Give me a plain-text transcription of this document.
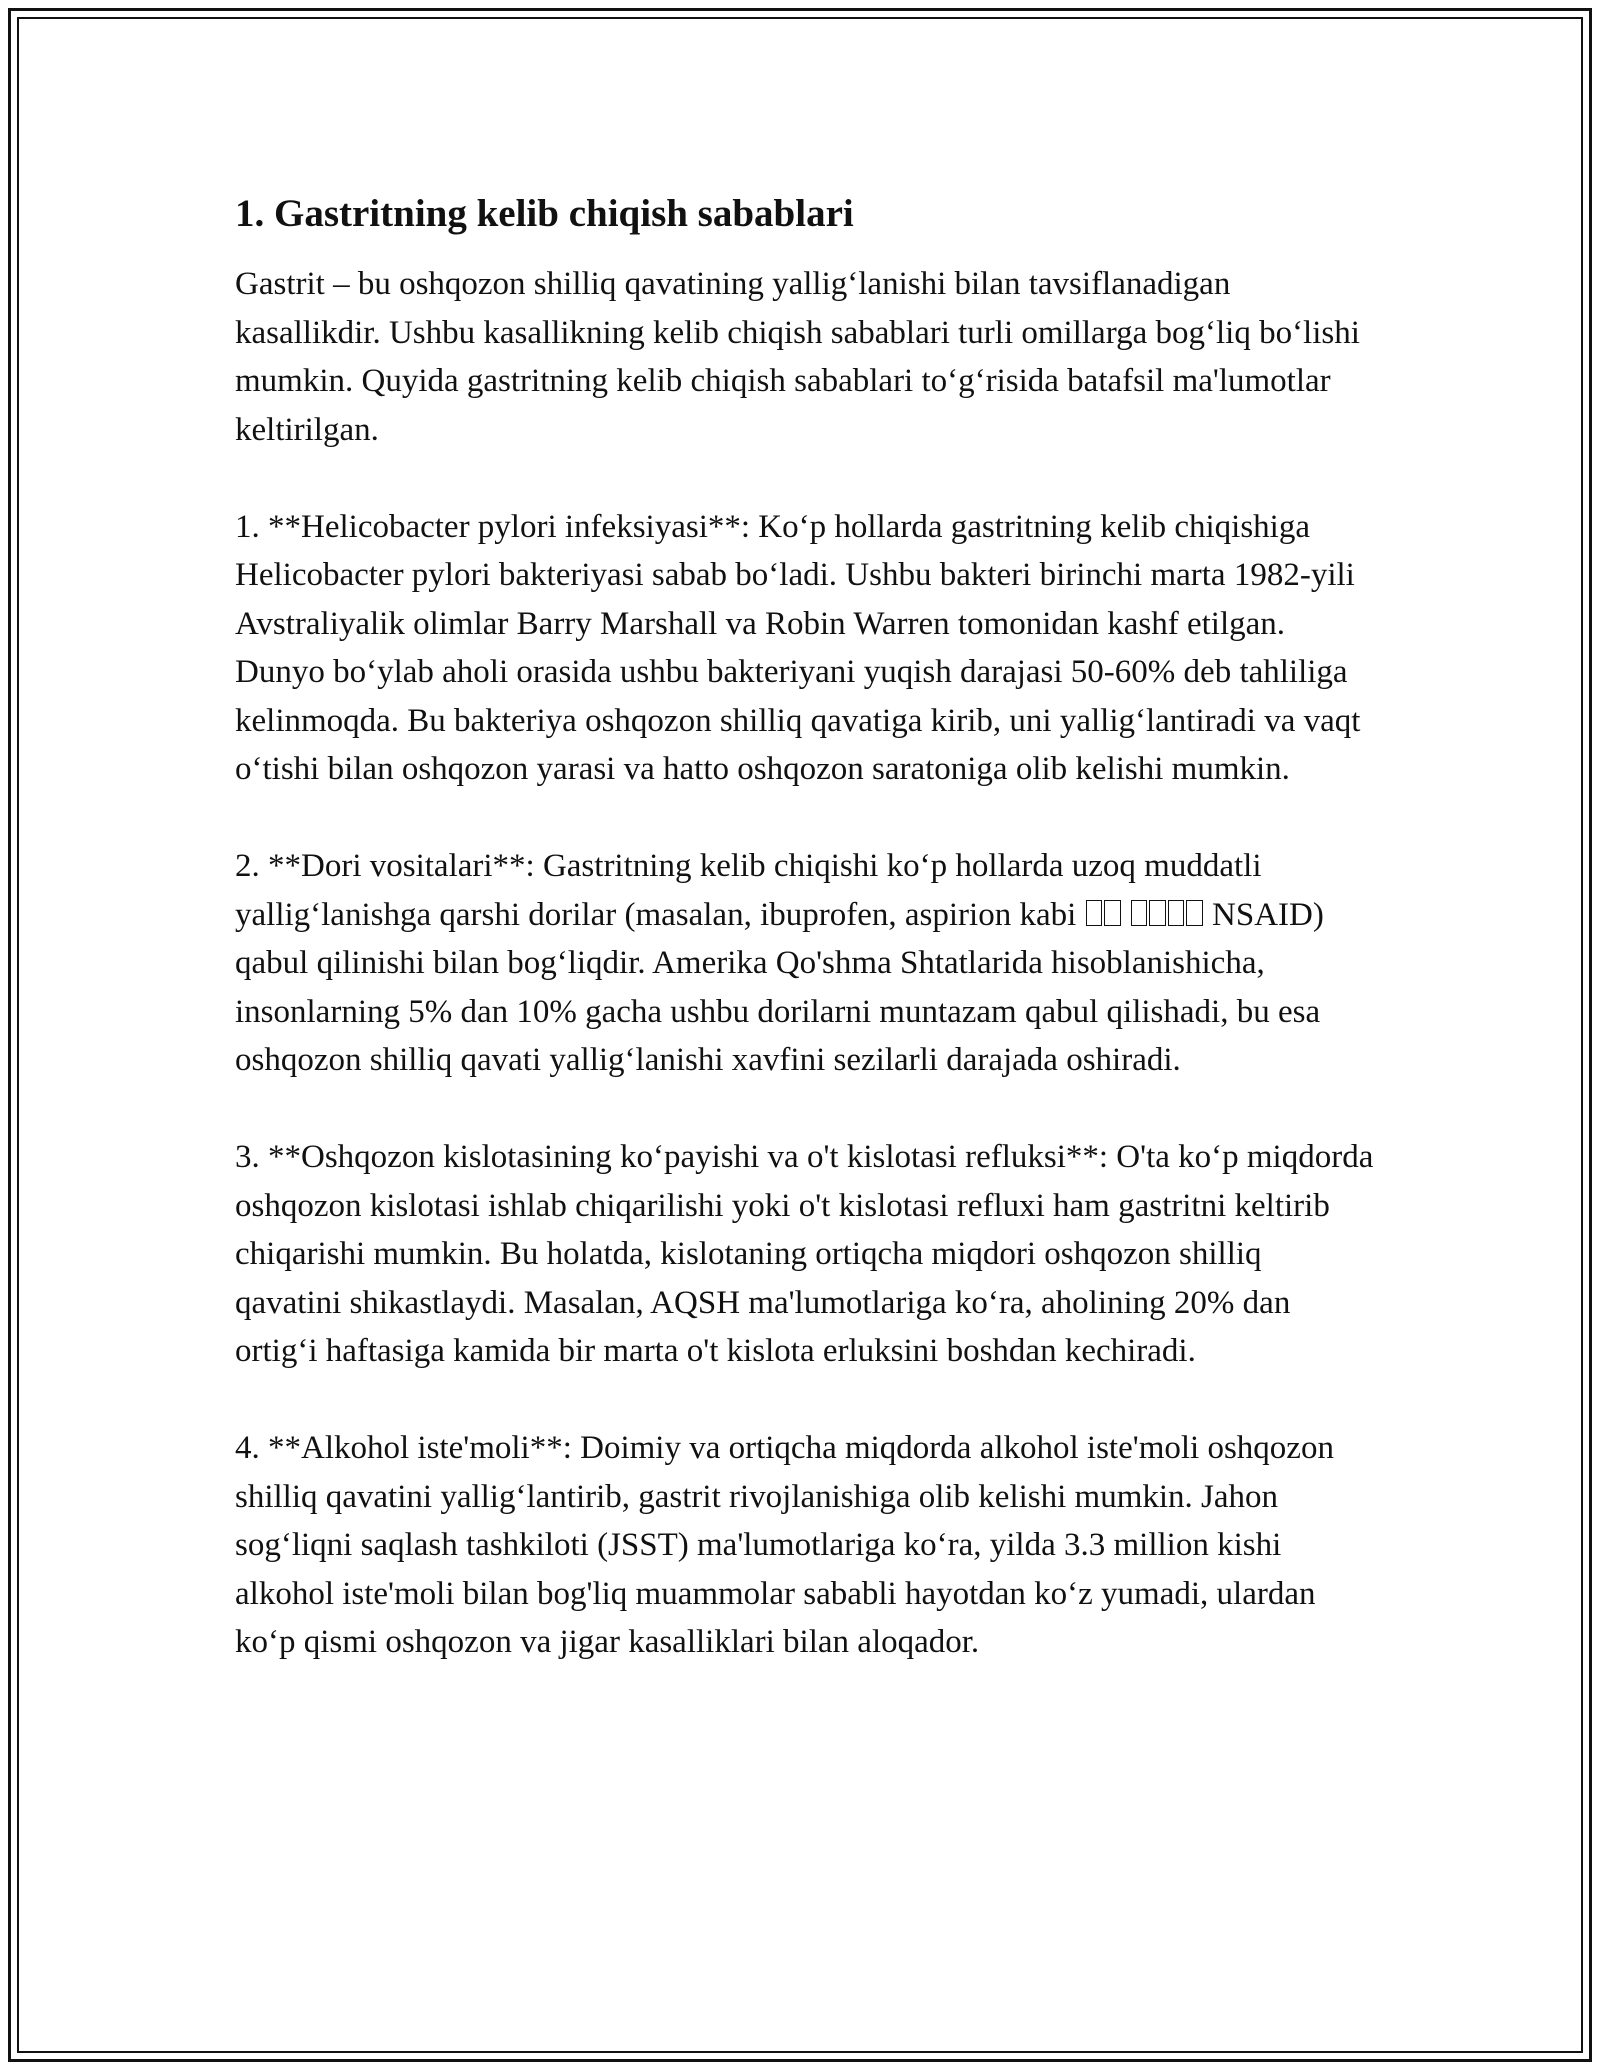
1. Gastritning kelib chiqish sabablari

Gastrit – bu oshqozon shilliq qavatining yallig‘lanishi bilan tavsiflanadigan kasallikdir. Ushbu kasallikning kelib chiqish sabablari turli omillarga bog‘liq bo‘lishi mumkin. Quyida gastritning kelib chiqish sabablari to‘g‘risida batafsil ma'lumotlar keltirilgan.

1. **Helicobacter pylori infeksiyasi**: Ko‘p hollarda gastritning kelib chiqishiga Helicobacter pylori bakteriyasi sabab bo‘ladi. Ushbu bakteri birinchi marta 1982-yili Avstraliyalik olimlar Barry Marshall va Robin Warren tomonidan kashf etilgan. Dunyo bo‘ylab aholi orasida ushbu bakteriyani yuqish darajasi 50-60% deb tahliliga kelinmoqda. Bu bakteriya oshqozon shilliq qavatiga kirib, uni yallig‘lantiradi va vaqt o‘tishi bilan oshqozon yarasi va hatto oshqozon saratoniga olib kelishi mumkin.

2. **Dori vositalari**: Gastritning kelib chiqishi ko‘p hollarda uzoq muddatli yallig‘lanishga qarshi dorilar (masalan, ibuprofen, aspirion kabi	NSAID) qabul qilinishi bilan bog‘liqdir. Amerika Qo'shma Shtatlarida hisoblanishicha, insonlarning 5% dan 10% gacha ushbu dorilarni muntazam qabul qilishadi, bu esa oshqozon shilliq qavati yallig‘lanishi xavfini sezilarli darajada oshiradi.

3. **Oshqozon kislotasining ko‘payishi va o't kislotasi refluksi**: O'ta ko‘p miqdorda oshqozon kislotasi ishlab chiqarilishi yoki o't kislotasi refluxi ham gastritni keltirib chiqarishi mumkin. Bu holatda, kislotaning ortiqcha miqdori oshqozon shilliq qavatini shikastlaydi. Masalan, AQSH ma'lumotlariga ko‘ra, aholining 20% dan ortig‘i haftasiga kamida bir marta o't kislota erluksini boshdan kechiradi.

4. **Alkohol iste'moli**: Doimiy va ortiqcha miqdorda alkohol iste'moli oshqozon shilliq qavatini yallig‘lantirib, gastrit rivojlanishiga olib kelishi mumkin. Jahon sog‘liqni saqlash tashkiloti (JSST) ma'lumotlariga ko‘ra, yilda 3.3 million kishi alkohol iste'moli bilan bog'liq muammolar sababli hayotdan ko‘z yumadi, ulardan ko‘p qismi oshqozon va jigar kasalliklari bilan aloqador.
